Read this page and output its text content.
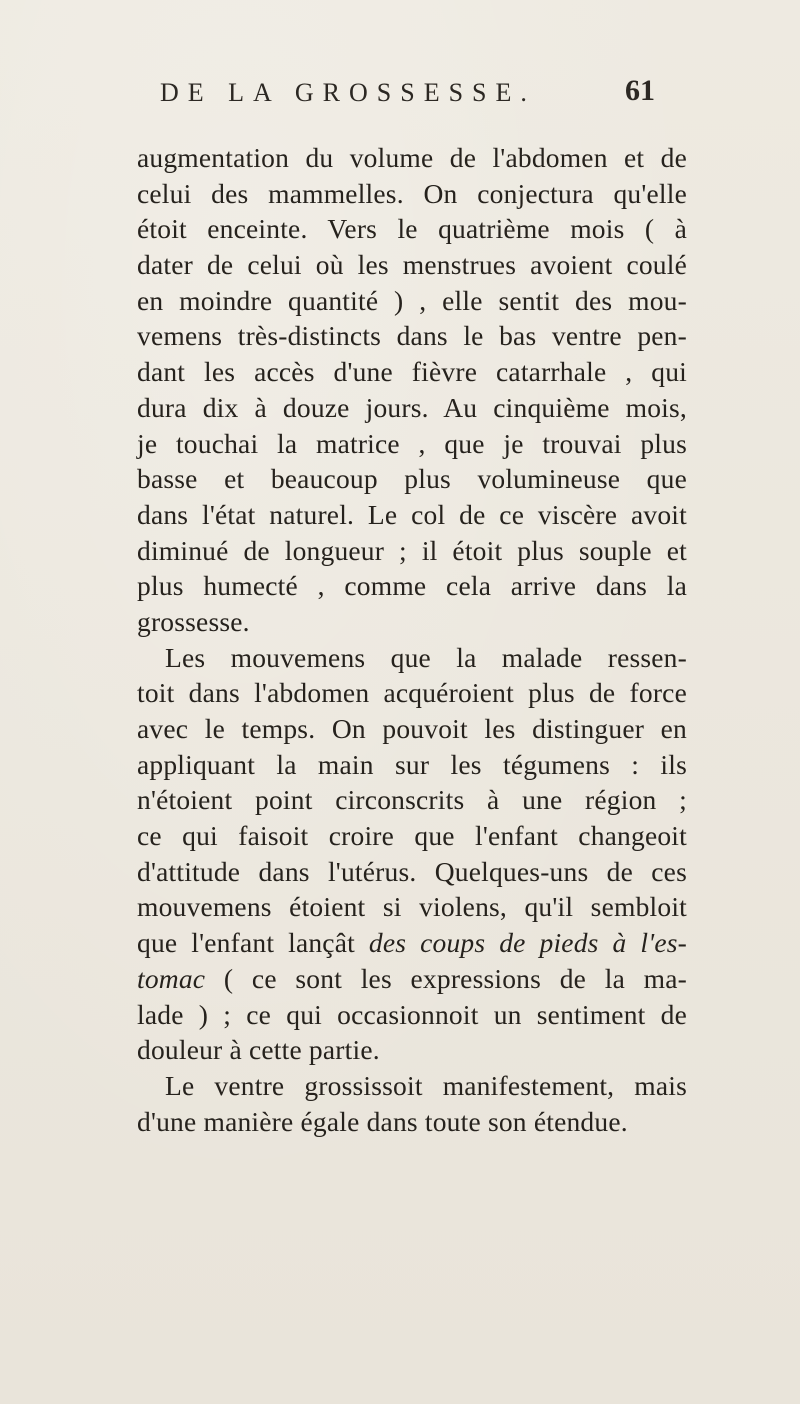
DE LA GROSSESSE.	61
augmentation du volume de l'abdomen et de
celui des mammelles. On conjectura qu'elle
étoit enceinte. Vers le quatrième mois ( à
dater de celui où les menstrues avoient coulé
en moindre quantité ) , elle sentit des mou-
vemens très-distincts dans le bas ventre pen-
dant les accès d'une fièvre catarrhale , qui
dura dix à douze jours. Au cinquième mois,
je touchai la matrice , que je trouvai plus
basse et beaucoup plus volumineuse que
dans l'état naturel. Le col de ce viscère avoit
diminué de longueur ; il étoit plus souple et
plus humecté , comme cela arrive dans la
grossesse.
Les mouvemens que la malade ressen-
toit dans l'abdomen acquéroient plus de force
avec le temps. On pouvoit les distinguer en
appliquant la main sur les tégumens : ils
n'étoient point circonscrits à une région ;
ce qui faisoit croire que l'enfant changeoit
d'attitude dans l'utérus. Quelques-uns de ces
mouvemens étoient si violens, qu'il sembloit
que l'enfant lançât des coups de pieds à l'es-
tomac ( ce sont les expressions de la ma-
lade ) ; ce qui occasionnoit un sentiment de
douleur à cette partie.
Le ventre grossissoit manifestement, mais
d'une manière égale dans toute son étendue.
